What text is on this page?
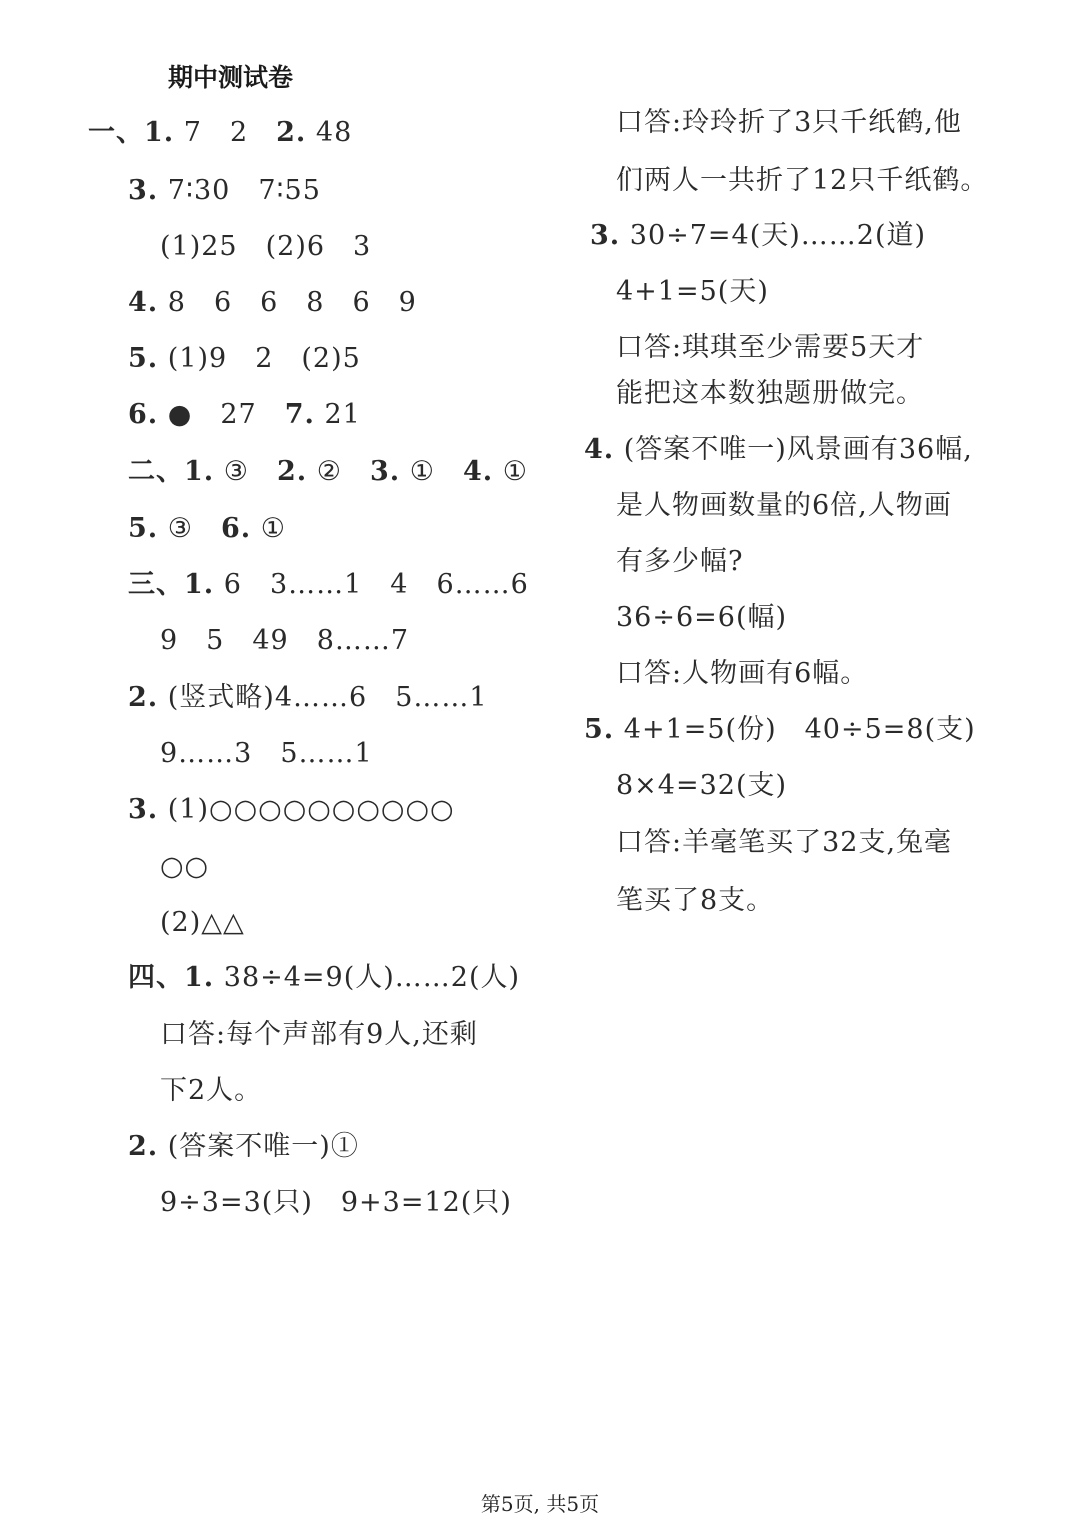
期中测试卷
一、1. 7　2　2. 48
3. 7∶30　7∶55
(1)25　(2)6　3
4. 8　6　6　8　6　9
5. (1)9　2　(2)5
6. ●　27　7. 21
二、1. ③　2. ②　3. ①　4. ①
5. ③　6. ①
三、1. 6　3……1　4　6……6
9　5　49　8……7
2. (竖式略)4……6　5……1
9……3　5……1
3. (1)○○○○○○○○○○
○○
(2)△△
四、1. 38÷4=9(人)……2(人)
口答:每个声部有9人,还剩
下2人。
2. (答案不唯一)①
9÷3=3(只)　9+3=12(只)
口答:玲玲折了3只千纸鹤,他
们两人一共折了12只千纸鹤。
3. 30÷7=4(天)……2(道)
4+1=5(天)
口答:琪琪至少需要5天才
能把这本数独题册做完。
4. (答案不唯一)风景画有36幅,
是人物画数量的6倍,人物画
有多少幅?
36÷6=6(幅)
口答:人物画有6幅。
5. 4+1=5(份)　40÷5=8(支)
8×4=32(支)
口答:羊毫笔买了32支,兔毫
笔买了8支。
第5页, 共5页
